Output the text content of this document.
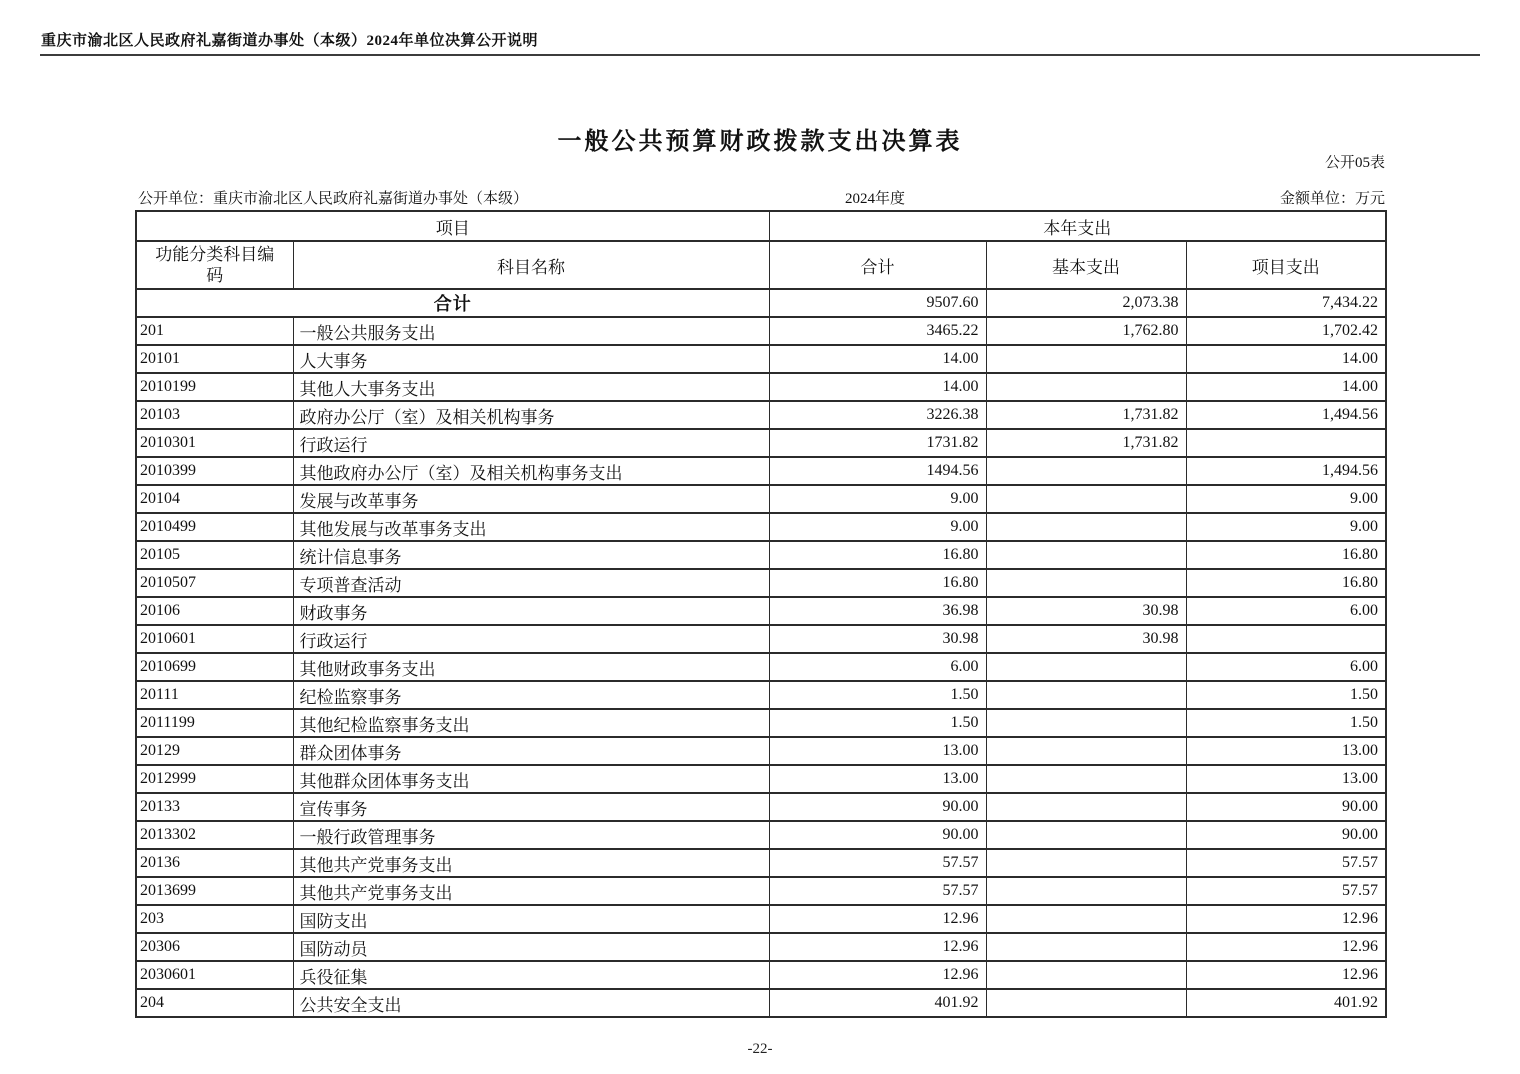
重庆市渝北区人民政府礼嘉街道办事处（本级）2024年单位决算公开说明
一般公共预算财政拨款支出决算表
公开05表
公开单位：重庆市渝北区人民政府礼嘉街道办事处（本级）	2024年度	金额单位：万元
项目		本年支出		
功能分类科目编码	科目名称	合计	基本支出	项目支出
合计		9507.60	2,073.38	7,434.22
201	一般公共服务支出	3465.22	1,762.80	1,702.42
20101	人大事务	14.00		14.00
2010199	其他人大事务支出	14.00		14.00
20103	政府办公厅（室）及相关机构事务	3226.38	1,731.82	1,494.56
2010301	行政运行	1731.82	1,731.82	
2010399	其他政府办公厅（室）及相关机构事务支出	1494.56		1,494.56
20104	发展与改革事务	9.00		9.00
2010499	其他发展与改革事务支出	9.00		9.00
20105	统计信息事务	16.80		16.80
2010507	专项普查活动	16.80		16.80
20106	财政事务	36.98	30.98	6.00
2010601	行政运行	30.98	30.98	
2010699	其他财政事务支出	6.00		6.00
20111	纪检监察事务	1.50		1.50
2011199	其他纪检监察事务支出	1.50		1.50
20129	群众团体事务	13.00		13.00
2012999	其他群众团体事务支出	13.00		13.00
20133	宣传事务	90.00		90.00
2013302	一般行政管理事务	90.00		90.00
20136	其他共产党事务支出	57.57		57.57
2013699	其他共产党事务支出	57.57		57.57
203	国防支出	12.96		12.96
20306	国防动员	12.96		12.96
2030601	兵役征集	12.96		12.96
204	公共安全支出	401.92		401.92
-22-
